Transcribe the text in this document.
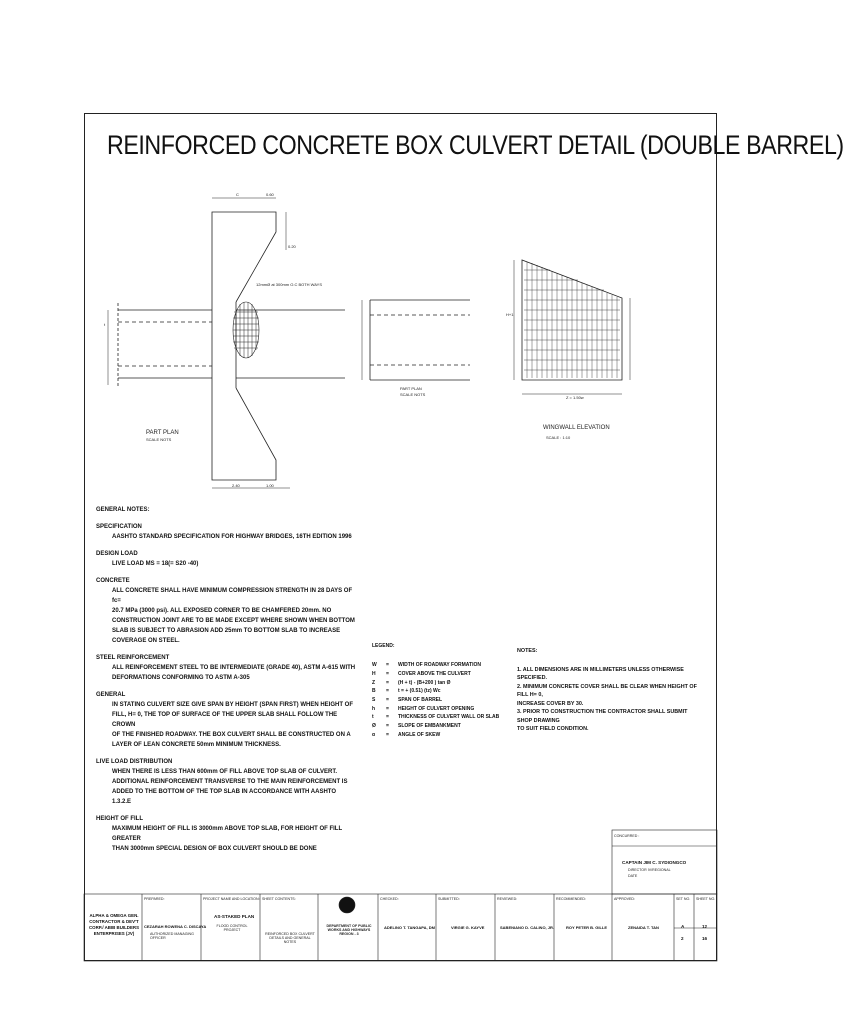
REINFORCED CONCRETE BOX CULVERT DETAIL (DOUBLE BARREL)
C	0.60
0.20
12mmØ at 300mm O.C BOTH WAYS
2.40	1.00
t
PART PLAN
SCALE NOTS
PART PLAN
SCALE NOTS
H+1
Z = 1.50w
WINGWALL ELEVATION
SCALE : 1:10
GENERAL NOTES:
SPECIFICATION
AASHTO STANDARD SPECIFICATION FOR HIGHWAY BRIDGES, 16TH EDITION 1996
DESIGN LOAD
LIVE LOAD MS = 18(= S20 -40)
CONCRETE
ALL CONCRETE SHALL HAVE MINIMUM COMPRESSION STRENGTH IN 28 DAYS OF fc=
20.7 MPa (3000 psi). ALL EXPOSED CORNER TO BE CHAMFERED 20mm. NO
CONSTRUCTION JOINT ARE TO BE MADE EXCEPT WHERE SHOWN WHEN BOTTOM
SLAB IS SUBJECT TO ABRASION ADD 25mm TO BOTTOM SLAB TO INCREASE
COVERAGE ON STEEL.
STEEL REINFORCEMENT
ALL REINFORCEMENT STEEL TO BE INTERMEDIATE (GRADE 40), ASTM A-615 WITH
DEFORMATIONS CONFORMING TO ASTM A-305
GENERAL
IN STATING CULVERT SIZE GIVE SPAN BY HEIGHT (SPAN FIRST) WHEN HEIGHT OF
FILL, H= 0, THE TOP OF SURFACE OF THE UPPER SLAB SHALL FOLLOW THE CROWN
OF THE FINISHED ROADWAY. THE BOX CULVERT SHALL BE CONSTRUCTED ON A
LAYER OF LEAN CONCRETE 50mm MINIMUM THICKNESS.
LIVE LOAD DISTRIBUTION
WHEN THERE IS LESS THAN 600mm OF FILL ABOVE TOP SLAB OF CULVERT.
ADDITIONAL REINFORCEMENT TRANSVERSE TO THE MAIN REINFORCEMENT IS
ADDED TO THE BOTTOM OF THE TOP SLAB IN ACCORDANCE WITH AASHTO 1.3.2.E
HEIGHT OF FILL
MAXIMUM HEIGHT OF FILL IS 3000mm ABOVE TOP SLAB, FOR HEIGHT OF FILL GREATER
THAN 3000mm SPECIAL DESIGN OF BOX CULVERT SHOULD BE DONE
LEGEND:
W	=	WIDTH OF ROADWAY FORMATION
H	=	COVER ABOVE THE CULVERT
Z	=	(H + t) - (B+200 ) tan Ø
B	=	t = + (0.51) (tz) Wc
S	=	SPAN OF BARREL
h	=	HEIGHT OF CULVERT OPENING
t	=	THICKNESS OF CULVERT WALL OR SLAB
Ø	=	SLOPE OF EMBANKMENT
α	=	ANGLE OF SKEW
NOTES:
1. ALL DIMENSIONS ARE IN MILLIMETERS UNLESS OTHERWISE SPECIFIED.
2. MINIMUM CONCRETE COVER SHALL BE CLEAR WHEN HEIGHT OF FILL H= 0,
INCREASE COVER BY 30.
3. PRIOR TO CONSTRUCTION THE CONTRACTOR SHALL SUBMIT SHOP DRAWING
TO SUIT FIELD CONDITION.
CONCURRED :
CAPTAIN JIM C. SYDIONGCO
DIRECTOR IV/REGIONAL
DATE
ALPHA & OMEGA GEN. CONTRACTOR & DEV'T CORP./ ABIB BUILDERS ENTERPRISES (JV)
PREPARED:
CEZARAH ROWENA C. DISCAYA
AUTHORIZED MANAGING OFFICER
PROJECT NAME AND LOCATION:
AS-STAKED PLAN
FLOOD CONTROL PROJECT
SHEET CONTENTS:
REINFORCED BOX CULVERT DETAILS AND GENERAL NOTES
DEPARTMENT OF PUBLIC WORKS AND HIGHWAYS
REGION - 3
CHECKED:
ADELINO T. TANGAPA, DM
SUBMITTED:
VIRGIE G. KAYVE
REVIEWED:
SABENIANO D. CALINO, JR.
RECOMMENDED:
ROY PETER B. GILLE
APPROVED:
ZENAIDA T. TAN
SET NO. SHEET NO.
A	12
2	16
